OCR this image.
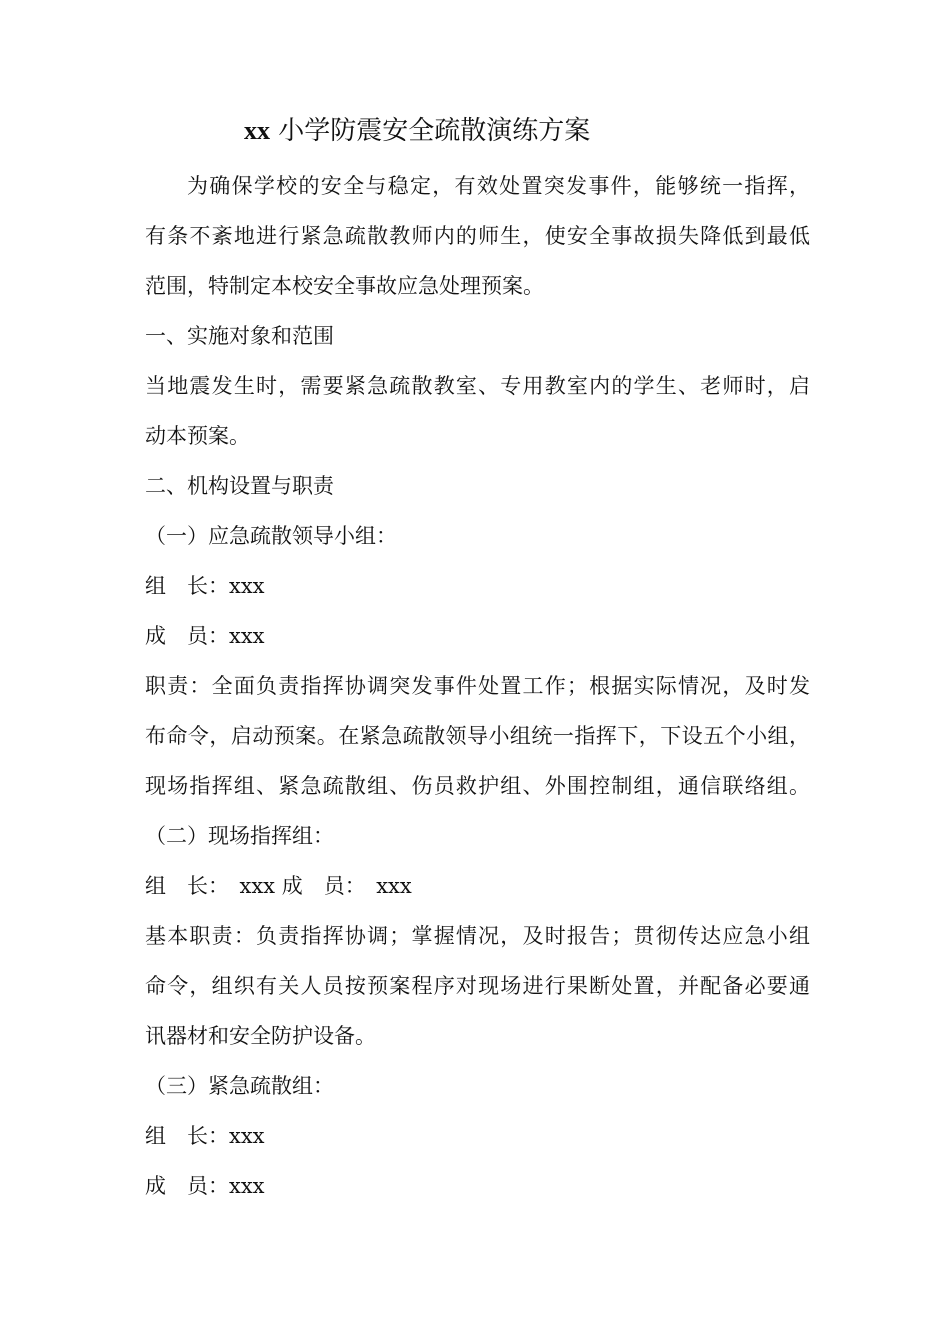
xx 小学防震安全疏散演练方案
为确保学校的安全与稳定，有效处置突发事件，能够统一指挥，
有条不紊地进行紧急疏散教师内的师生，使安全事故损失降低到最低
范围，特制定本校安全事故应急处理预案。
一、实施对象和范围
当地震发生时，需要紧急疏散教室、专用教室内的学生、老师时，启
动本预案。
二、机构设置与职责
（一）应急疏散领导小组：
组　长：xxx
成　员：xxx
职责：全面负责指挥协调突发事件处置工作；根据实际情况，及时发
布命令，启动预案。在紧急疏散领导小组统一指挥下，下设五个小组，
现场指挥组、紧急疏散组、伤员救护组、外围控制组，通信联络组。
（二）现场指挥组：
组　长：　xxx 成　员：　xxx
基本职责：负责指挥协调；掌握情况，及时报告；贯彻传达应急小组
命令，组织有关人员按预案程序对现场进行果断处置，并配备必要通
讯器材和安全防护设备。
（三）紧急疏散组：
组　长：xxx
成　员：xxx
